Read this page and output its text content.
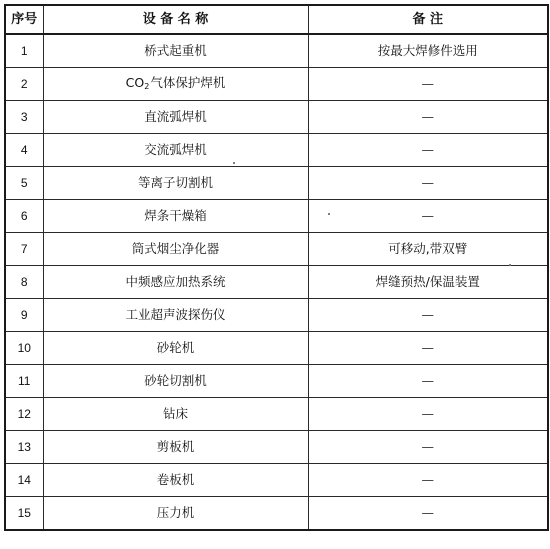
序号	设 备 名 称	备 注
1	桥式起重机	按最大焊修件选用
2	$CO_2$气体保护焊机	—
3	直流弧焊机	—
4	交流弧焊机	—
5	等离子切割机	—
6	焊条干燥箱	—
7	筒式烟尘净化器	可移动,带双臂
8	中频感应加热系统	焊缝预热/保温装置
9	工业超声波探伤仪	—
10	砂轮机	—
11	砂轮切割机	—
12	钻床	—
13	剪板机	—
14	卷板机	—
15	压力机	—
